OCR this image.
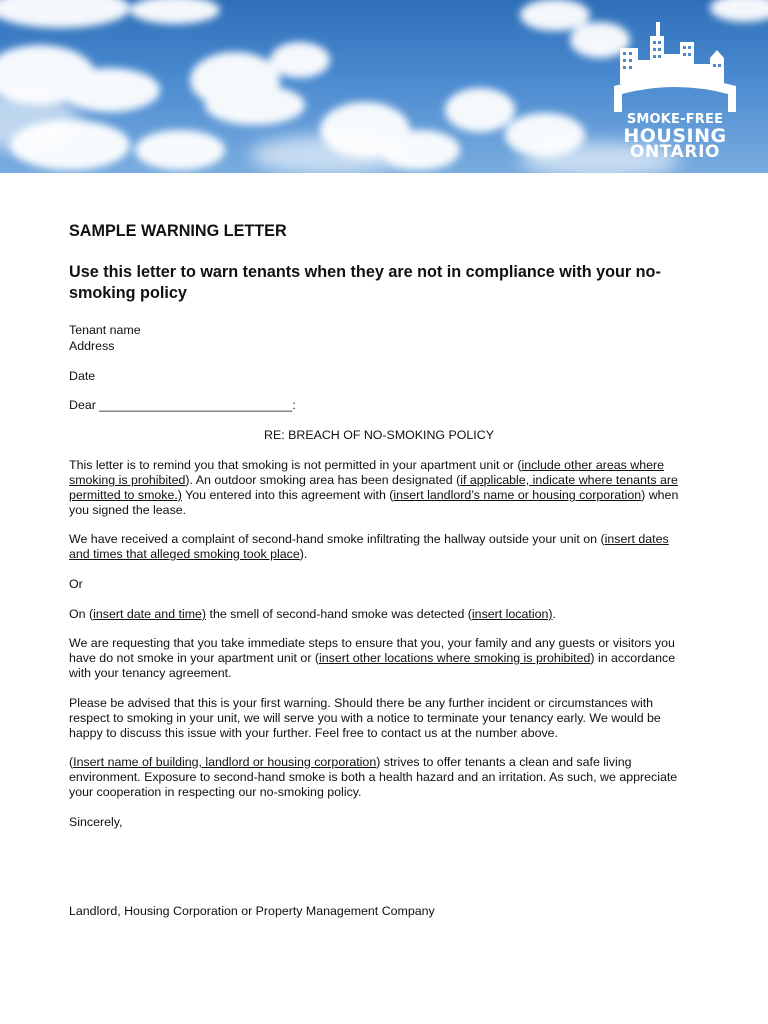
SMOKE-FREE
HOUSING
ONTARIO
SAMPLE WARNING LETTER
Use this letter to warn tenants when they are not in compliance with your no-smoking policy
Tenant name
Address
Date
Dear ____________________________:
RE: BREACH OF NO-SMOKING POLICY

This letter is to remind you that smoking is not permitted in your apartment unit or (include other areas where smoking is prohibited). An outdoor smoking area has been designated (if applicable, indicate where tenants are permitted to smoke.) You entered into this agreement with (insert landlord’s name or housing corporation) when you signed the lease.

We have received a complaint of second-hand smoke infiltrating the hallway outside your unit on (insert dates and times that alleged smoking took place).

Or

On (insert date and time) the smell of second-hand smoke was detected (insert location).

We are requesting that you take immediate steps to ensure that you, your family and any guests or visitors you have do not smoke in your apartment unit or (insert other locations where smoking is prohibited) in accordance with your tenancy agreement.

Please be advised that this is your first warning. Should there be any further incident or circumstances with respect to smoking in your unit, we will serve you with a notice to terminate your tenancy early. We would be happy to discuss this issue with your further. Feel free to contact us at the number above.

(Insert name of building, landlord or housing corporation) strives to offer tenants a clean and safe living environment. Exposure to second-hand smoke is both a health hazard and an irritation. As such, we appreciate your cooperation in respecting our no-smoking policy.

Sincerely,
Landlord, Housing Corporation or Property Management Company
